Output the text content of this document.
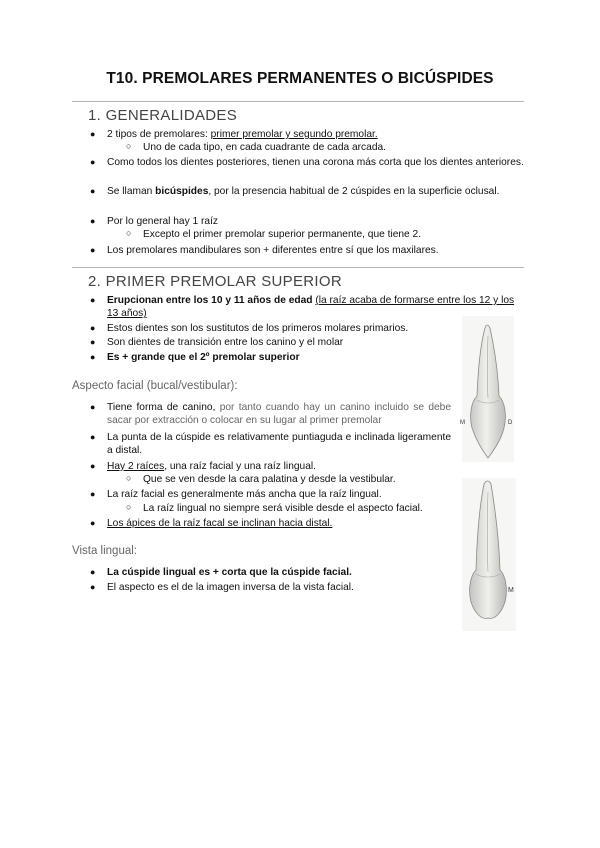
T10. PREMOLARES PERMANENTES O BICÚSPIDES
1. GENERALIDADES
● 2 tipos de premolares: primer premolar y segundo premolar.
○ Uno de cada tipo, en cada cuadrante de cada arcada.
● Como todos los dientes posteriores, tienen una corona más corta que los dientes anteriores.
● Se llaman bicúspides, por la presencia habitual de 2 cúspides en la superficie oclusal.
● Por lo general hay 1 raíz
○ Excepto el primer premolar superior permanente, que tiene 2.
● Los premolares mandibulares son + diferentes entre sí que los maxilares.
2. PRIMER PREMOLAR SUPERIOR
● Erupcionan entre los 10 y 11 años de edad (la raíz acaba de formarse entre los 12 y los 13 años)
● Estos dientes son los sustitutos de los primeros molares primarios.
● Son dientes de transición entre los canino y el molar
● Es + grande que el 2º premolar superior
Aspecto facial (bucal/vestibular):
● Tiene forma de canino, por tanto cuando hay un canino incluido se debe sacar por extracción o colocar en su lugar al primer premolar
● La punta de la cúspide es relativamente puntiaguda e inclinada ligeramente a distal.
● Hay 2 raíces, una raíz facial y una raíz lingual.
○ Que se ven desde la cara palatina y desde la vestibular.
● La raíz facial es generalmente más ancha que la raíz lingual.
○ La raíz lingual no siempre será visible desde el aspecto facial.
● Los ápices de la raíz facal se inclinan hacia distal.
Vista lingual:
● La cúspide lingual es + corta que la cúspide facial.
● El aspecto es el de la imagen inversa de la vista facial.
M	D
M
